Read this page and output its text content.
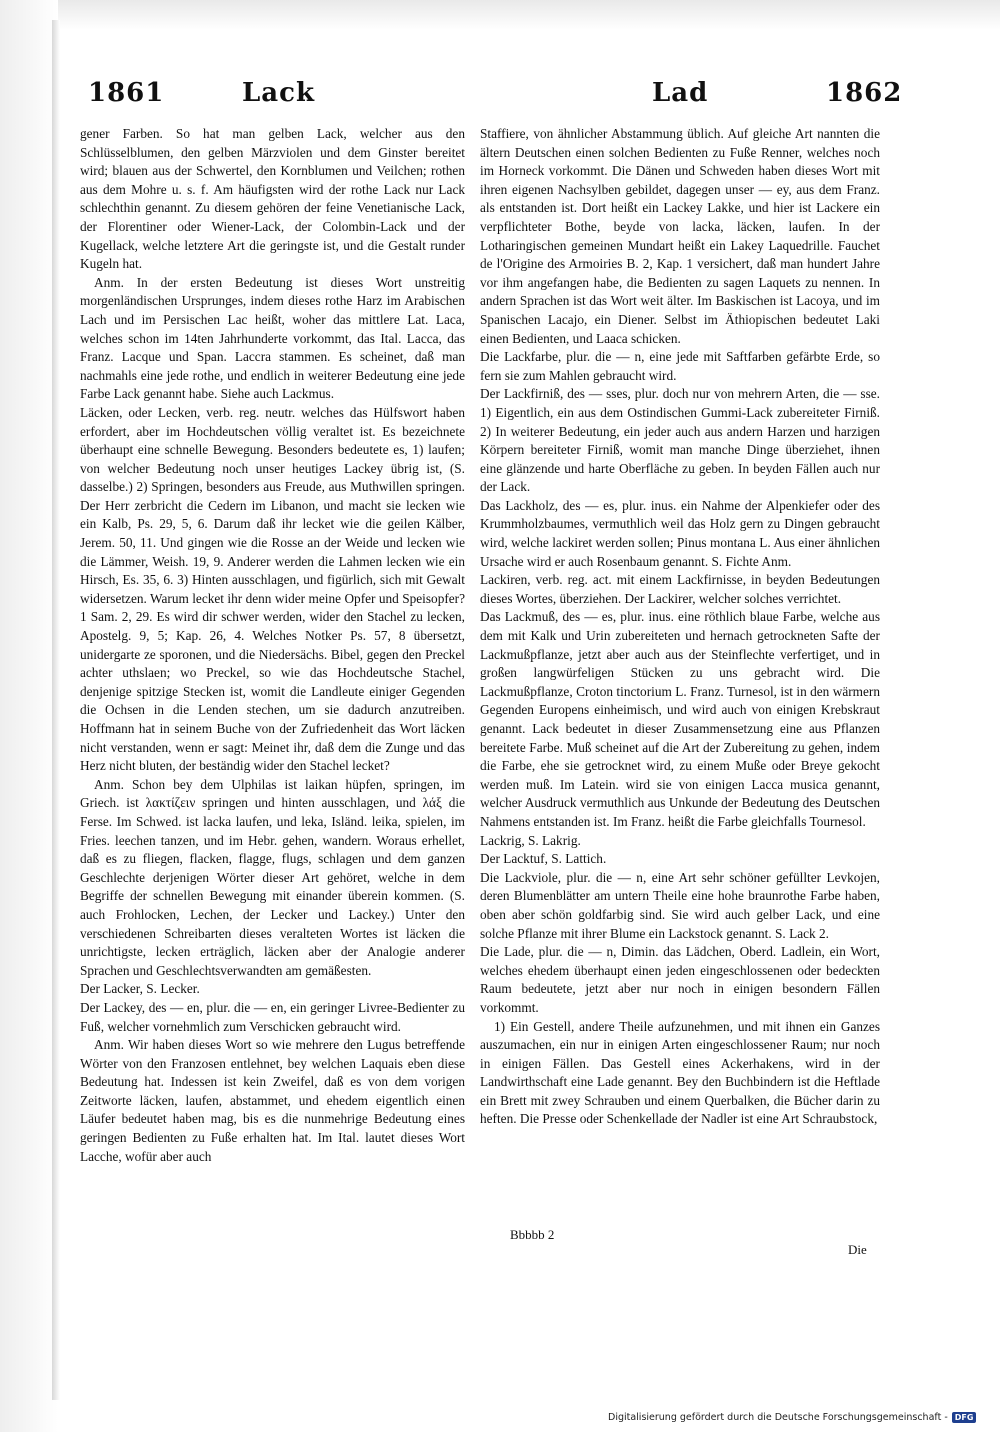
1861	Lack	Lad	1862

gener Farben. So hat man gelben Lack, welcher aus den Schlüsselblumen, den gelben Märzviolen und dem Ginster bereitet wird; blauen aus der Schwertel, den Kornblumen und Veilchen; rothen aus dem Mohre u. s. f. Am häufigsten wird der rothe Lack nur Lack schlechthin genannt. Zu diesem gehören der feine Venetianische Lack, der Florentiner oder Wiener-Lack, der Colombin-Lack und der Kugellack, welche letztere Art die geringste ist, und die Gestalt runder Kugeln hat.

Anm. In der ersten Bedeutung ist dieses Wort unstreitig morgenländischen Ursprunges, indem dieses rothe Harz im Arabischen Lach und im Persischen Lac heißt, woher das mittlere Lat. Laca, welches schon im 14ten Jahrhunderte vorkommt, das Ital. Lacca, das Franz. Lacque und Span. Laccra stammen. Es scheinet, daß man nachmahls eine jede rothe, und endlich in weiterer Bedeutung eine jede Farbe Lack genannt habe. Siehe auch Lackmus.

Läcken, oder Lecken, verb. reg. neutr. welches das Hülfswort haben erfordert, aber im Hochdeutschen völlig veraltet ist. Es bezeichnete überhaupt eine schnelle Bewegung. Besonders bedeutete es, 1) laufen; von welcher Bedeutung noch unser heutiges Lackey übrig ist, (S. dasselbe.) 2) Springen, besonders aus Freude, aus Muthwillen springen. Der Herr zerbricht die Cedern im Libanon, und macht sie lecken wie ein Kalb, Ps. 29, 5, 6. Darum daß ihr lecket wie die geilen Kälber, Jerem. 50, 11. Und gingen wie die Rosse an der Weide und lecken wie die Lämmer, Weish. 19, 9. Anderer werden die Lahmen lecken wie ein Hirsch, Es. 35, 6. 3) Hinten ausschlagen, und figürlich, sich mit Gewalt widersetzen. Warum lecket ihr denn wider meine Opfer und Speisopfer? 1 Sam. 2, 29. Es wird dir schwer werden, wider den Stachel zu lecken, Apostelg. 9, 5; Kap. 26, 4. Welches Notker Ps. 57, 8 übersetzt, unidergarte ze sporonen, und die Niedersächs. Bibel, gegen den Preckel achter uthslaen; wo Preckel, so wie das Hochdeutsche Stachel, denjenige spitzige Stecken ist, womit die Landleute einiger Gegenden die Ochsen in die Lenden stechen, um sie dadurch anzutreiben. Hoffmann hat in seinem Buche von der Zufriedenheit das Wort läcken nicht verstanden, wenn er sagt: Meinet ihr, daß dem die Zunge und das Herz nicht bluten, der beständig wider den Stachel lecket?

Anm. Schon bey dem Ulphilas ist laikan hüpfen, springen, im Griech. ist λακτίζειν springen und hinten ausschlagen, und λάξ die Ferse. Im Schwed. ist lacka laufen, und leka, Isländ. leika, spielen, im Fries. leechen tanzen, und im Hebr. gehen, wandern. Woraus erhellet, daß es zu fliegen, flacken, flagge, flugs, schlagen und dem ganzen Geschlechte derjenigen Wörter dieser Art gehöret, welche in dem Begriffe der schnellen Bewegung mit einander überein kommen. (S. auch Frohlocken, Lechen, der Lecker und Lackey.) Unter den verschiedenen Schreibarten dieses veralteten Wortes ist läcken die unrichtigste, lecken erträglich, läcken aber der Analogie anderer Sprachen und Geschlechtsverwandten am gemäßesten.

Der Lacker, S. Lecker.

Der Lackey, des — en, plur. die — en, ein geringer Livree-Bedienter zu Fuß, welcher vornehmlich zum Verschicken gebraucht wird.

Anm. Wir haben dieses Wort so wie mehrere den Lugus betreffende Wörter von den Franzosen entlehnet, bey welchen Laquais eben diese Bedeutung hat. Indessen ist kein Zweifel, daß es von dem vorigen Zeitworte läcken, laufen, abstammet, und ehedem eigentlich einen Läufer bedeutet haben mag, bis es die nunmehrige Bedeutung eines geringen Bedienten zu Fuße erhalten hat. Im Ital. lautet dieses Wort Lacche, wofür aber auch

Staffiere, von ähnlicher Abstammung üblich. Auf gleiche Art nannten die ältern Deutschen einen solchen Bedienten zu Fuße Renner, welches noch im Horneck vorkommt. Die Dänen und Schweden haben dieses Wort mit ihren eigenen Nachsylben gebildet, dagegen unser — ey, aus dem Franz. als entstanden ist. Dort heißt ein Lackey Lakke, und hier ist Lackere ein verpflichteter Bothe, beyde von lacka, läcken, laufen. In der Lotharingischen gemeinen Mundart heißt ein Lakey Laquedrille. Fauchet de l'Origine des Armoiries B. 2, Kap. 1 versichert, daß man hundert Jahre vor ihm angefangen habe, die Bedienten zu sagen Laquets zu nennen. In andern Sprachen ist das Wort weit älter. Im Baskischen ist Lacoya, und im Spanischen Lacajo, ein Diener. Selbst im Äthiopischen bedeutet Laki einen Bedienten, und Laaca schicken.

Die Lackfarbe, plur. die — n, eine jede mit Saftfarben gefärbte Erde, so fern sie zum Mahlen gebraucht wird.

Der Lackfirniß, des — sses, plur. doch nur von mehrern Arten, die — sse. 1) Eigentlich, ein aus dem Ostindischen Gummi-Lack zubereiteter Firniß. 2) In weiterer Bedeutung, ein jeder auch aus andern Harzen und harzigen Körpern bereiteter Firniß, womit man manche Dinge überziehet, ihnen eine glänzende und harte Oberfläche zu geben. In beyden Fällen auch nur der Lack.

Das Lackholz, des — es, plur. inus. ein Nahme der Alpenkiefer oder des Krummholzbaumes, vermuthlich weil das Holz gern zu Dingen gebraucht wird, welche lackiret werden sollen; Pinus montana L. Aus einer ähnlichen Ursache wird er auch Rosenbaum genannt. S. Fichte Anm.

Lackiren, verb. reg. act. mit einem Lackfirnisse, in beyden Bedeutungen dieses Wortes, überziehen. Der Lackirer, welcher solches verrichtet.

Das Lackmuß, des — es, plur. inus. eine röthlich blaue Farbe, welche aus dem mit Kalk und Urin zubereiteten und hernach getrockneten Safte der Lackmußpflanze, jetzt aber auch aus der Steinflechte verfertiget, und in großen langwürfeligen Stücken zu uns gebracht wird. Die Lackmußpflanze, Croton tinctorium L. Franz. Turnesol, ist in den wärmern Gegenden Europens einheimisch, und wird auch von einigen Krebskraut genannt. Lack bedeutet in dieser Zusammensetzung eine aus Pflanzen bereitete Farbe. Muß scheinet auf die Art der Zubereitung zu gehen, indem die Farbe, ehe sie getrocknet wird, zu einem Muße oder Breye gekocht werden muß. Im Latein. wird sie von einigen Lacca musica genannt, welcher Ausdruck vermuthlich aus Unkunde der Bedeutung des Deutschen Nahmens entstanden ist. Im Franz. heißt die Farbe gleichfalls Tournesol.

Lackrig, S. Lakrig.

Der Lacktuf, S. Lattich.

Die Lackviole, plur. die — n, eine Art sehr schöner gefüllter Levkojen, deren Blumenblätter am untern Theile eine hohe braunrothe Farbe haben, oben aber schön goldfarbig sind. Sie wird auch gelber Lack, und eine solche Pflanze mit ihrer Blume ein Lackstock genannt. S. Lack 2.

Die Lade, plur. die — n, Dimin. das Lädchen, Oberd. Ladlein, ein Wort, welches ehedem überhaupt einen jeden eingeschlossenen oder bedeckten Raum bedeutete, jetzt aber nur noch in einigen besondern Fällen vorkommt.

1) Ein Gestell, andere Theile aufzunehmen, und mit ihnen ein Ganzes auszumachen, ein nur in einigen Arten eingeschlossener Raum; nur noch in einigen Fällen. Das Gestell eines Ackerhakens, wird in der Landwirthschaft eine Lade genannt. Bey den Buchbindern ist die Heftlade ein Brett mit zwey Schrauben und einem Querbalken, die Bücher darin zu heften. Die Presse oder Schenkellade der Nadler ist eine Art Schraubstock,

Bbbbb 2
Die
Digitalisierung gefördert durch die Deutsche Forschungsgemeinschaft - DFG
